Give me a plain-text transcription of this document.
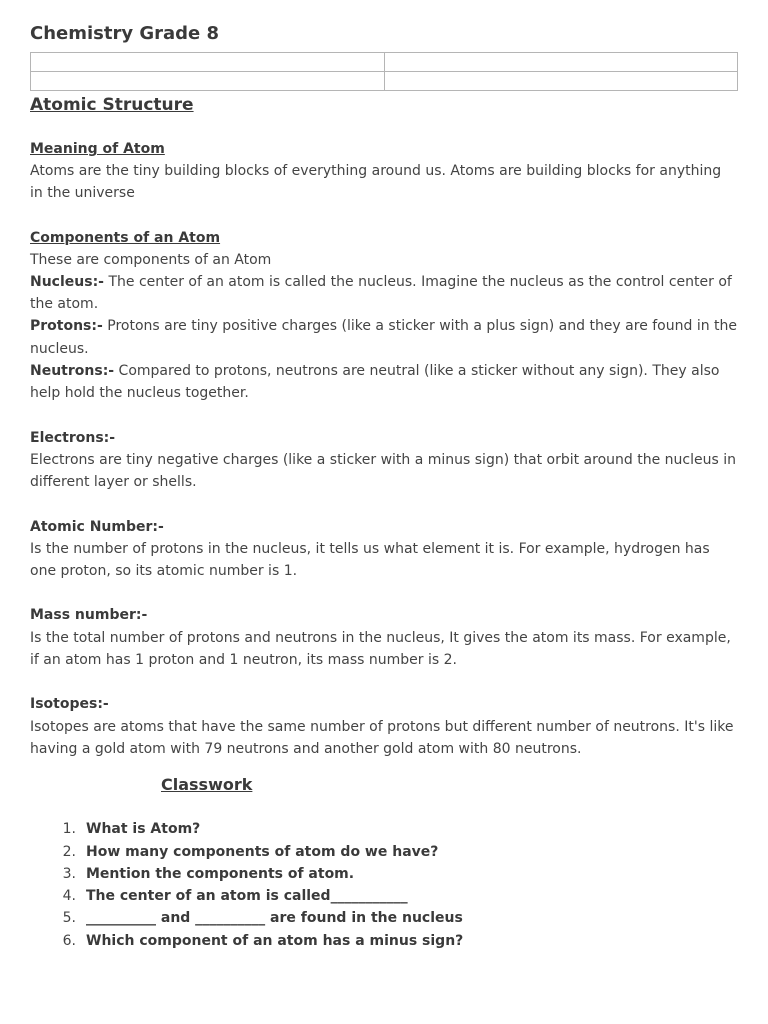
Chemistry Grade 8

Atomic Structure
Meaning of Atom

Atoms are the tiny building blocks of everything around us. Atoms are building blocks for anything in the universe

Components of an Atom

These are components of an Atom

Nucleus:- The center of an atom is called the nucleus. Imagine the nucleus as the control center of the atom.

Protons:- Protons are tiny positive charges (like a sticker with a plus sign) and they are found in the nucleus.

Neutrons:- Compared to protons, neutrons are neutral (like a sticker without any sign). They also help hold the nucleus together.

Electrons:-

Electrons are tiny negative charges (like a sticker with a minus sign) that orbit around the nucleus in different layer or shells.

Atomic Number:-

Is the number of protons in the nucleus, it tells us what element it is. For example, hydrogen has one proton, so its atomic number is 1.

Mass number:-

Is the total number of protons and neutrons in the nucleus, It gives the atom its mass. For example, if an atom has 1 proton and 1 neutron, its mass number is 2.

Isotopes:-

Isotopes are atoms that have the same number of protons but different number of neutrons. It's like having a gold atom with 79 neutrons and another gold atom with 80 neutrons.

Classwork
1. What is Atom?
2. How many components of atom do we have?
3. Mention the components of atom.
4. The center of an atom is called___________
5. __________ and __________ are found in the nucleus
6. Which component of an atom has a minus sign?
